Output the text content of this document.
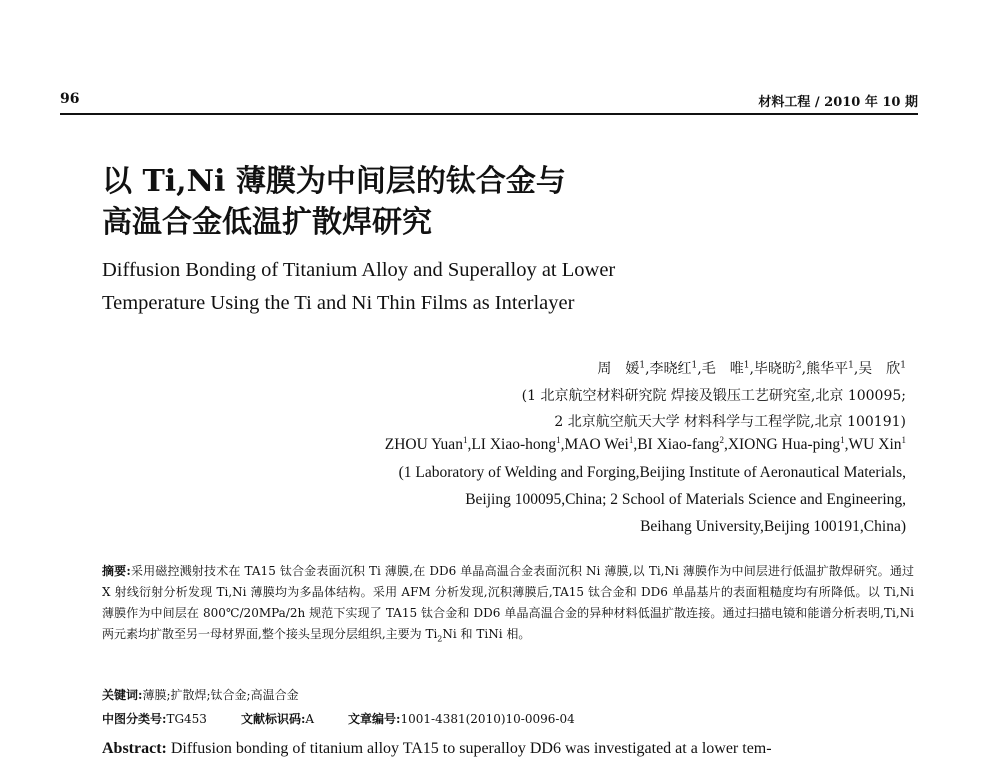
96	材料工程 / 2010 年 10 期
以 Ti,Ni 薄膜为中间层的钛合金与
高温合金低温扩散焊研究
Diffusion Bonding of Titanium Alloy and Superalloy at Lower
Temperature Using the Ti and Ni Thin Films as Interlayer
周　媛$^1$,李晓红$^1$,毛　唯$^1$,毕晓昉$^2$,熊华平$^1$,吴　欣$^1$
(1 北京航空材料研究院 焊接及锻压工艺研究室,北京 100095;
2 北京航空航天大学 材料科学与工程学院,北京 100191)
ZHOU Yuan$^1$,LI Xiao-hong$^1$,MAO Wei$^1$,BI Xiao-fang$^2$,XIONG Hua-ping$^1$,WU Xin$^1$
(1 Laboratory of Welding and Forging,Beijing Institute of Aeronautical Materials,
Beijing 100095,China; 2 School of Materials Science and Engineering,
Beihang University,Beijing 100191,China)

摘要:采用磁控溅射技术在 TA15 钛合金表面沉积 Ti 薄膜,在 DD6 单晶高温合金表面沉积 Ni 薄膜,以 Ti,Ni 薄膜作为中间层进行低温扩散焊研究。通过 X 射线衍射分析发现 Ti,Ni 薄膜均为多晶体结构。采用 AFM 分析发现,沉积薄膜后,TA15 钛合金和 DD6 单晶基片的表面粗糙度均有所降低。以 Ti,Ni 薄膜作为中间层在 800℃/20MPa/2h 规范下实现了 TA15 钛合金和 DD6 单晶高温合金的异种材料低温扩散连接。通过扫描电镜和能谱分析表明,Ti,Ni 两元素均扩散至另一母材界面,整个接头呈现分层组织,主要为 $Ti_2Ni$ 和 TiNi 相。

关键词:薄膜;扩散焊;钛合金;高温合金
中图分类号:TG453	文献标识码:A	文章编号:1001-4381(2010)10-0096-04
Abstract: Diffusion bonding of titanium alloy TA15 to superalloy DD6 was investigated at a lower tem-
